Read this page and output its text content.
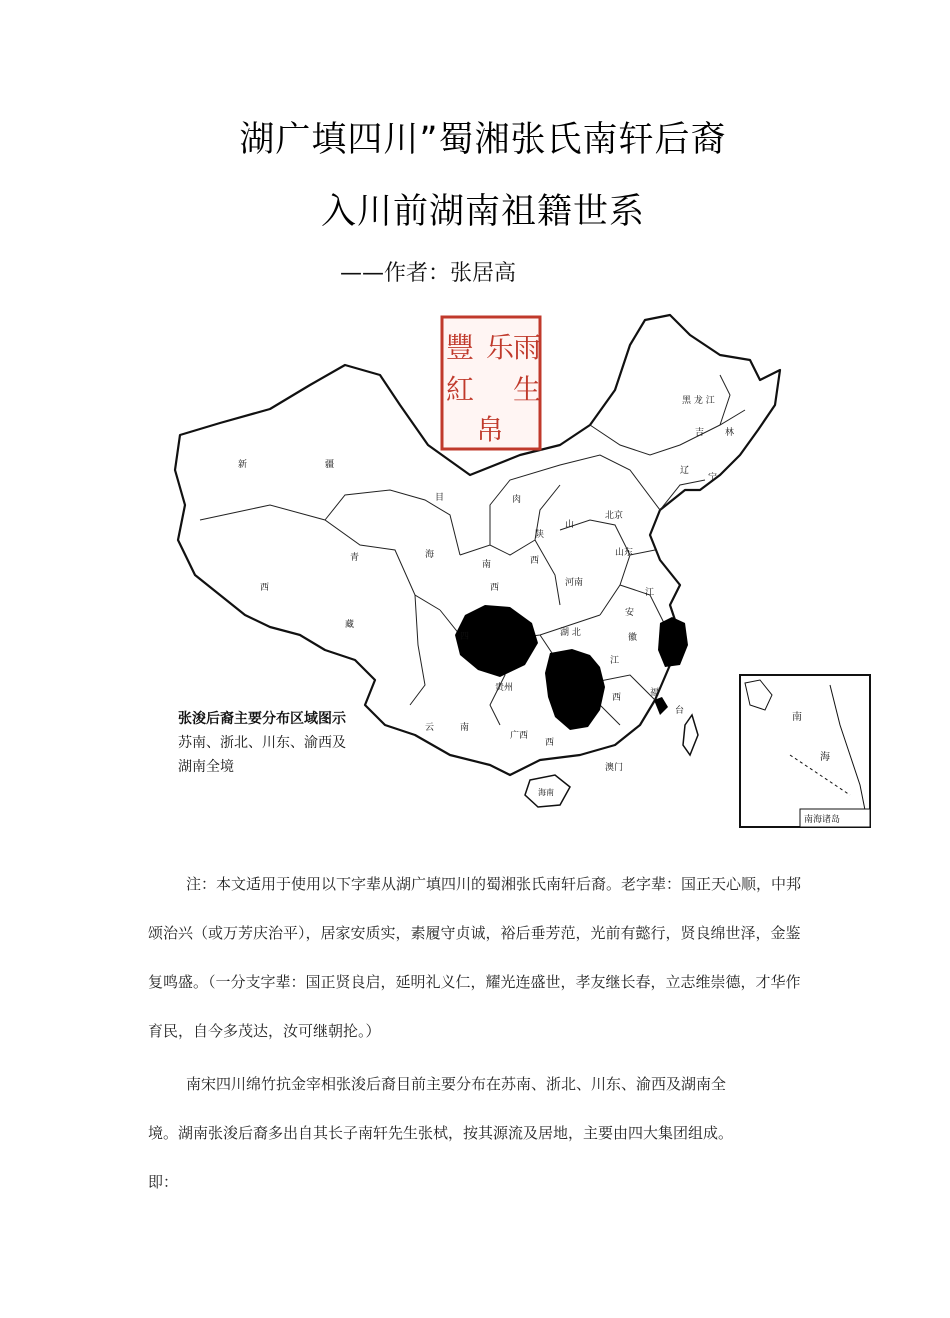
湖广填四川”蜀湘张氏南轩后裔
入川前湖南祖籍世系
——作者：张居高
海南
黑 龙 江
吉 林
辽
宁
北京
新	疆
西
藏
青	海
四
云	南
贵州
广西
西
湖 北
江
西	福
安
徽
江
山东
河南
山
陕
西
南
西
肉
目
澳门
台
乐
雨
生
豐
紅
帛
张浚后裔主要分布区域图示
苏南、浙北、川东、渝西及
湖南全境
南
海
南海诸岛
注：本文适用于使用以下字辈从湖广填四川的蜀湘张氏南轩后裔。老字辈：国正天心顺，中邦颂治兴（或万芳庆治平），居家安质实，素履守贞诚，裕后垂芳范，光前有懿行，贤良绵世泽，金鉴复鸣盛。（一分支字辈：国正贤良启，延明礼义仁，耀光连盛世，孝友继长春，立志维崇德，才华作育民，自今多茂达，汝可继朝抡。）
南宋四川绵竹抗金宰相张浚后裔目前主要分布在苏南、浙北、川东、渝西及湖南全境。湖南张浚后裔多出自其长子南轩先生张栻，按其源流及居地，主要由四大集团组成。即：
